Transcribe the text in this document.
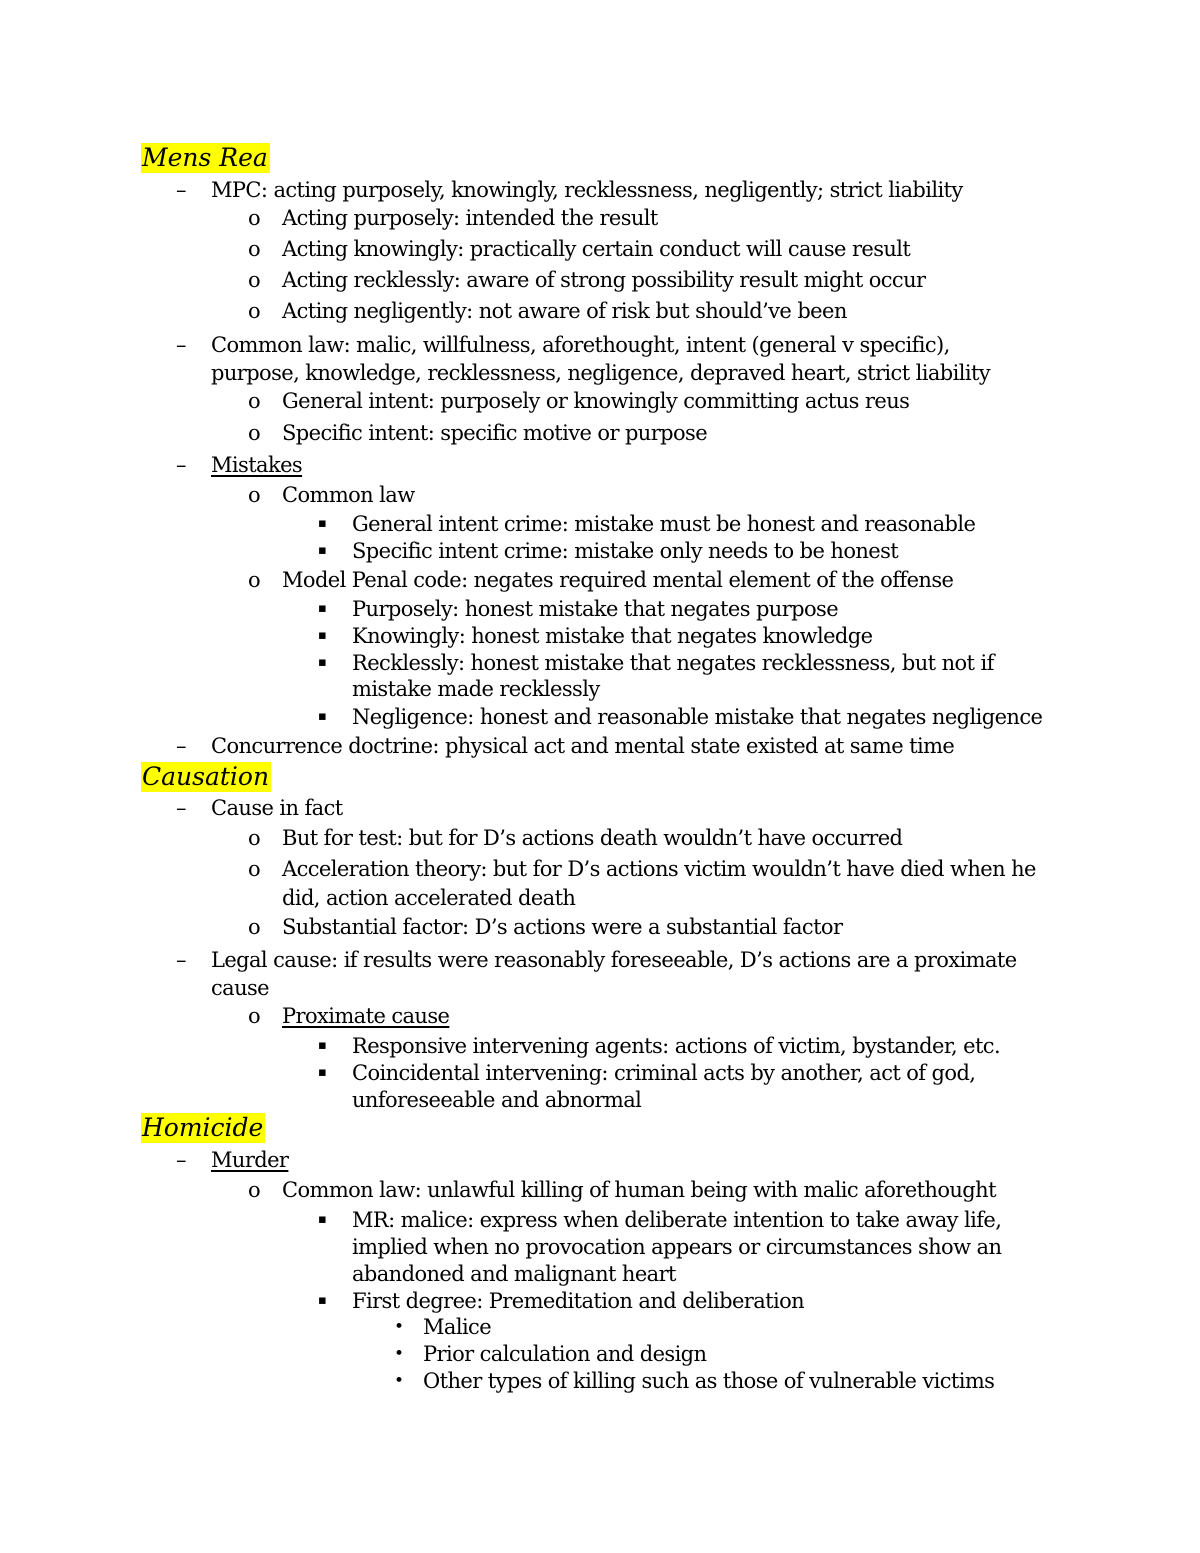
Mens Rea
– MPC: acting purposely, knowingly, recklessness, negligently; strict liability
o Acting purposely: intended the result
o Acting knowingly: practically certain conduct will cause result
o Acting recklessly: aware of strong possibility result might occur
o Acting negligently: not aware of risk but should’ve been
– Common law: malic, willfulness, aforethought, intent (general v specific),
purpose, knowledge, recklessness, negligence, depraved heart, strict liability
o General intent: purposely or knowingly committing actus reus
o Specific intent: specific motive or purpose
– Mistakes
o Common law
▪ General intent crime: mistake must be honest and reasonable
▪ Specific intent crime: mistake only needs to be honest
o Model Penal code: negates required mental element of the offense
▪ Purposely: honest mistake that negates purpose
▪ Knowingly: honest mistake that negates knowledge
▪ Recklessly: honest mistake that negates recklessness, but not if
mistake made recklessly
▪ Negligence: honest and reasonable mistake that negates negligence
– Concurrence doctrine: physical act and mental state existed at same time
Causation
– Cause in fact
o But for test: but for D’s actions death wouldn’t have occurred
o Acceleration theory: but for D’s actions victim wouldn’t have died when he
did, action accelerated death
o Substantial factor: D’s actions were a substantial factor
– Legal cause: if results were reasonably foreseeable, D’s actions are a proximate
cause
o Proximate cause
▪ Responsive intervening agents: actions of victim, bystander, etc.
▪ Coincidental intervening: criminal acts by another, act of god,
unforeseeable and abnormal
Homicide
– Murder
o Common law: unlawful killing of human being with malic aforethought
▪ MR: malice: express when deliberate intention to take away life,
implied when no provocation appears or circumstances show an
abandoned and malignant heart
▪ First degree: Premeditation and deliberation
• Malice
• Prior calculation and design
• Other types of killing such as those of vulnerable victims
